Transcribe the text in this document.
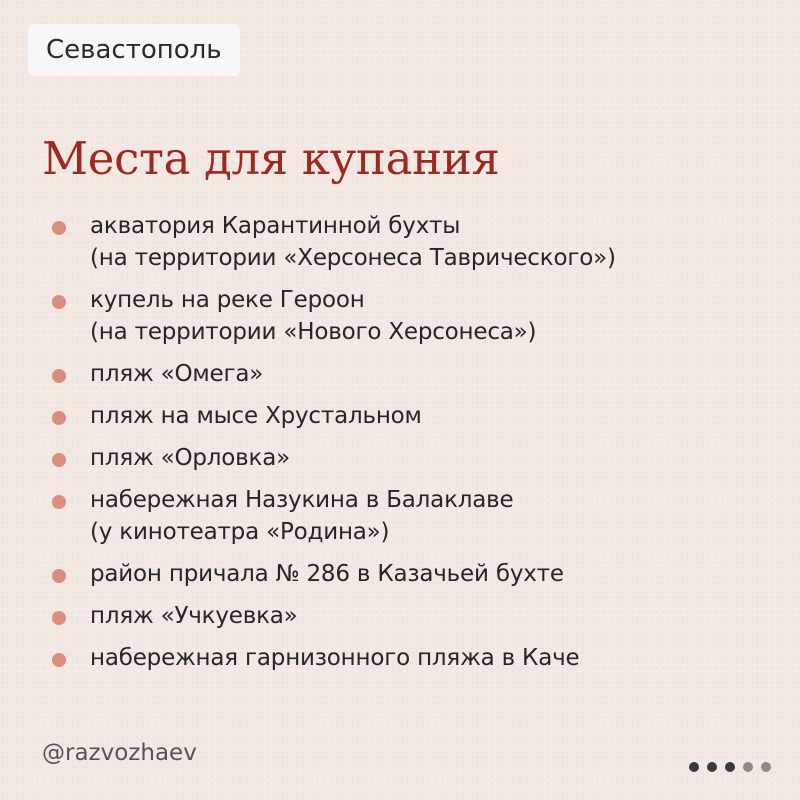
Севастополь
Места для купания
акватория Карантинной бухты
(на территории «Херсонеса Таврического»)
купель на реке Героон
(на территории «Нового Херсонеса»)
пляж «Омега»
пляж на мысе Хрустальном
пляж «Орловка»
набережная Назукина в Балаклаве
(у кинотеатра «Родина»)
район причала № 286 в Казачьей бухте
пляж «Учкуевка»
набережная гарнизонного пляжа в Каче
@razvozhaev
